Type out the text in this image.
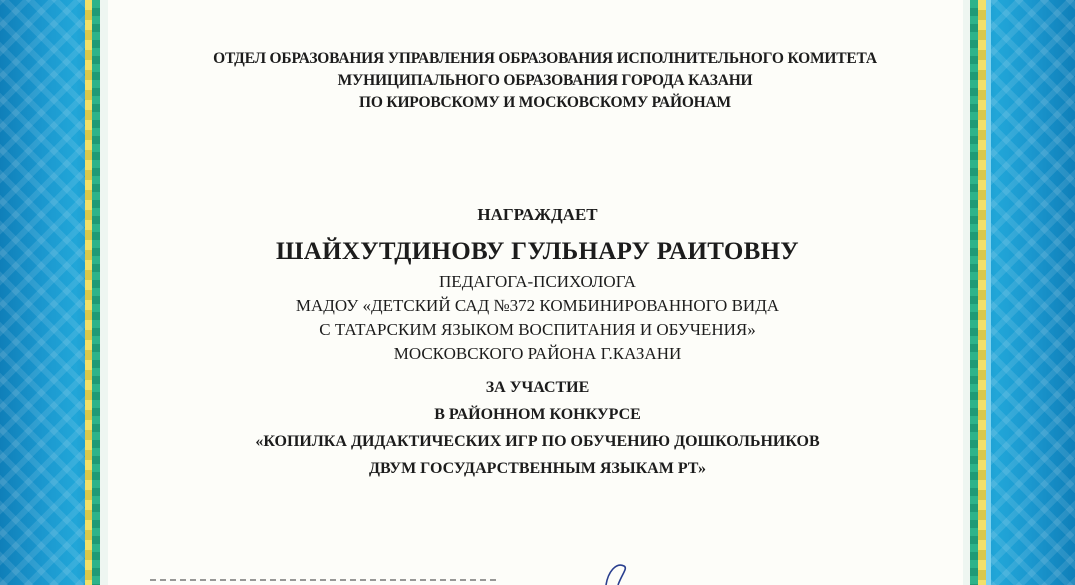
ОТДЕЛ ОБРАЗОВАНИЯ УПРАВЛЕНИЯ ОБРАЗОВАНИЯ ИСПОЛНИТЕЛЬНОГО КОМИТЕТА
МУНИЦИПАЛЬНОГО ОБРАЗОВАНИЯ ГОРОДА КАЗАНИ
ПО КИРОВСКОМУ И МОСКОВСКОМУ РАЙОНАМ
НАГРАЖДАЕТ
ШАЙХУТДИНОВУ ГУЛЬНАРУ РАИТОВНУ
ПЕДАГОГА-ПСИХОЛОГА
МАДОУ «ДЕТСКИЙ САД №372 КОМБИНИРОВАННОГО ВИДА
С ТАТАРСКИМ ЯЗЫКОМ ВОСПИТАНИЯ И ОБУЧЕНИЯ»
МОСКОВСКОГО РАЙОНА Г.КАЗАНИ
ЗА УЧАСТИЕ
В РАЙОННОМ КОНКУРСЕ
«КОПИЛКА ДИДАКТИЧЕСКИХ ИГР ПО ОБУЧЕНИЮ ДОШКОЛЬНИКОВ
ДВУМ ГОСУДАРСТВЕННЫМ ЯЗЫКАМ РТ»
